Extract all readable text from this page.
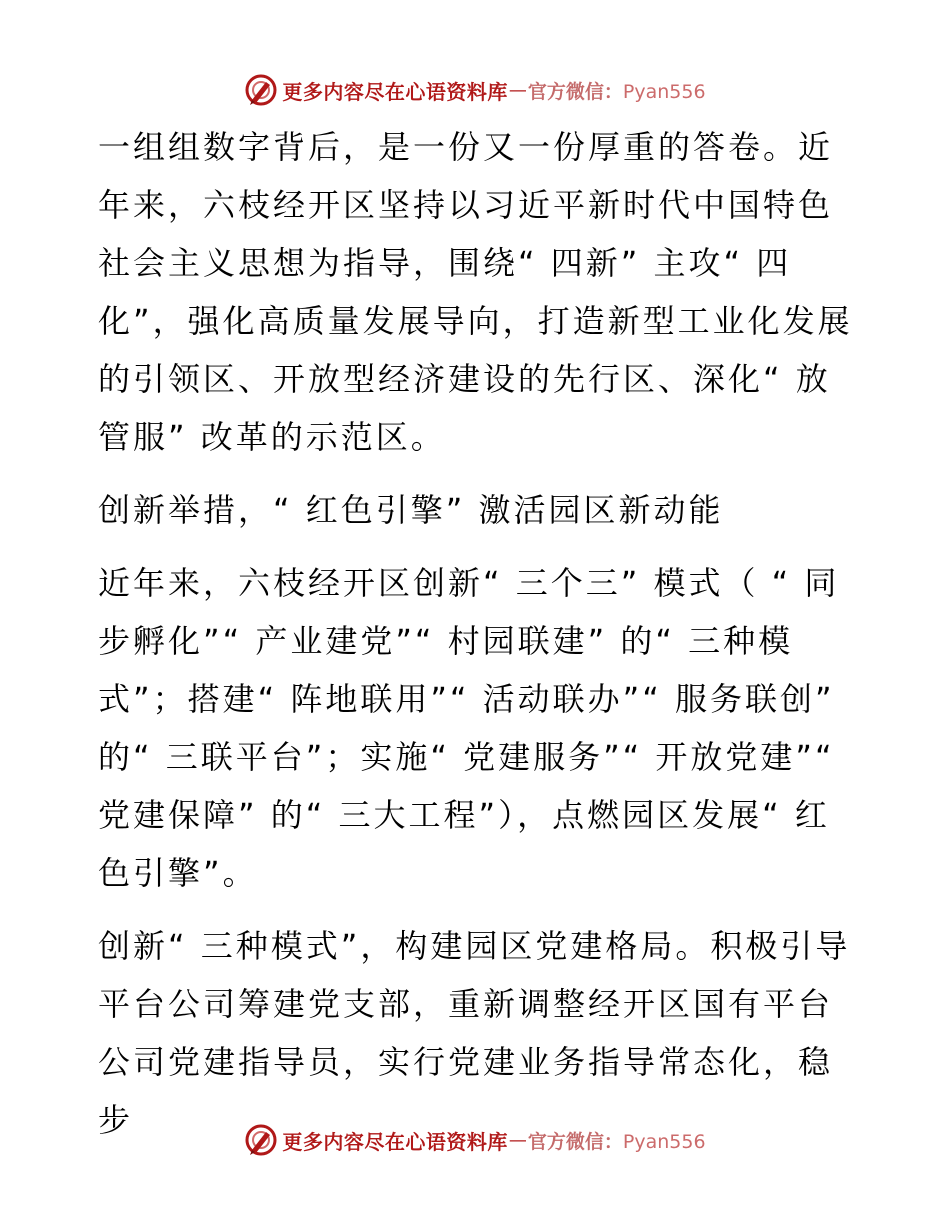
更多内容尽在心语资料库 — 官方微信：Pyan556

一组组数字背后，是一份又一份厚重的答卷。近年来，六枝经开区坚持以习近平新时代中国特色社会主义思想为指导，围绕“ 四新” 主攻“ 四化”，强化高质量发展导向，打造新型工业化发展的引领区、开放型经济建设的先行区、深化“ 放管服” 改革的示范区。

创新举措，“ 红色引擎” 激活园区新动能

近年来，六枝经开区创新“ 三个三” 模式（ “ 同步孵化”“ 产业建党”“ 村园联建” 的“ 三种模式”；搭建“ 阵地联用”“ 活动联办”“ 服务联创” 的“ 三联平台”；实施“ 党建服务”“ 开放党建”“ 党建保障” 的“ 三大工程”），点燃园区发展“ 红色引擎”。

创新“ 三种模式”，构建园区党建格局。积极引导平台公司筹建党支部，重新调整经开区国有平台公司党建指导员，实行党建业务指导常态化，稳步

更多内容尽在心语资料库 — 官方微信：Pyan556
